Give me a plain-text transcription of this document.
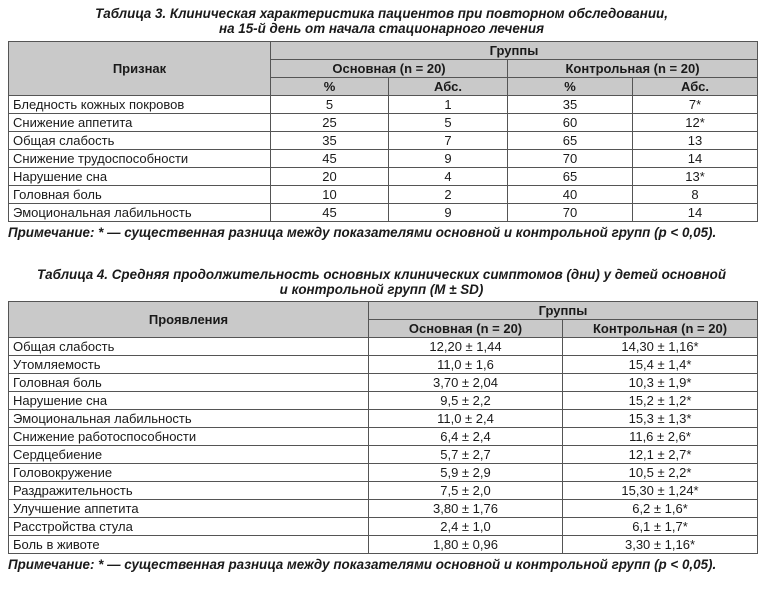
Таблица 3. Клиническая характеристика пациентов при повторном обследовании,
на 15-й день от начала стационарного лечения

Признак	Группы			
	Основная (n = 20)		Контрольная (n = 20)	
	%	Абс.	%	Абс.
Бледность кожных покровов	5	1	35	7*
Снижение аппетита	25	5	60	12*
Общая слабость	35	7	65	13
Снижение трудоспособности	45	9	70	14
Нарушение сна	20	4	65	13*
Головная боль	10	2	40	8
Эмоциональная лабильность	45	9	70	14

Примечание: * — существенная разница между показателями основной и контрольной групп (p < 0,05).

Таблица 4. Средняя продолжительность основных клинических симптомов (дни) у детей основной
и контрольной групп (M ± SD)

Проявления	Группы	
	Основная (n = 20)	Контрольная (n = 20)
Общая слабость	12,20 ± 1,44	14,30 ± 1,16*
Утомляемость	11,0 ± 1,6	15,4 ± 1,4*
Головная боль	3,70 ± 2,04	10,3 ± 1,9*
Нарушение сна	9,5 ± 2,2	15,2 ± 1,2*
Эмоциональная лабильность	11,0 ± 2,4	15,3 ± 1,3*
Снижение работоспособности	6,4 ± 2,4	11,6 ± 2,6*
Сердцебиение	5,7 ± 2,7	12,1 ± 2,7*
Головокружение	5,9 ± 2,9	10,5 ± 2,2*
Раздражительность	7,5 ± 2,0	15,30 ± 1,24*
Улучшение аппетита	3,80 ± 1,76	6,2 ± 1,6*
Расстройства стула	2,4 ± 1,0	6,1 ± 1,7*
Боль в животе	1,80 ± 0,96	3,30 ± 1,16*

Примечание: * — существенная разница между показателями основной и контрольной групп (p < 0,05).
